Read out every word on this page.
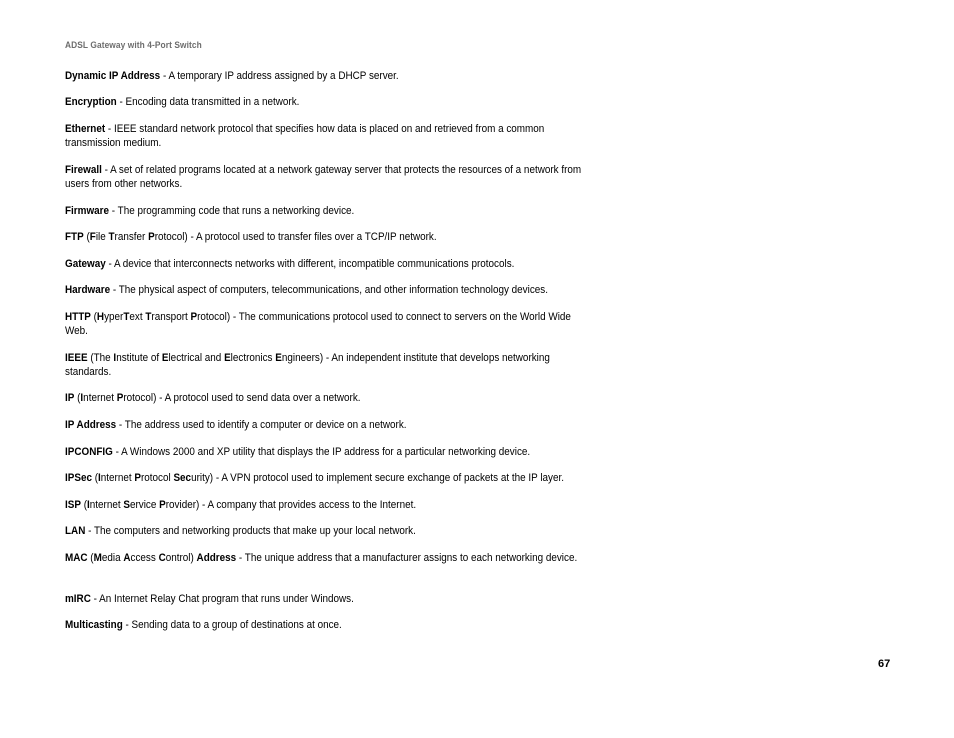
ADSL Gateway with 4-Port Switch

Dynamic IP Address - A temporary IP address assigned by a DHCP server.

Encryption - Encoding data transmitted in a network.

Ethernet - IEEE standard network protocol that specifies how data is placed on and retrieved from a common transmission medium.

Firewall - A set of related programs located at a network gateway server that protects the resources of a network from users from other networks.

Firmware - The programming code that runs a networking device.

FTP (File Transfer Protocol) - A protocol used to transfer files over a TCP/IP network.

Gateway - A device that interconnects networks with different, incompatible communications protocols.

Hardware - The physical aspect of computers, telecommunications, and other information technology devices.

HTTP (HyperText Transport Protocol) - The communications protocol used to connect to servers on the World Wide Web.

IEEE (The Institute of Electrical and Electronics Engineers) - An independent institute that develops networking standards.

IP (Internet Protocol) - A protocol used to send data over a network.

IP Address - The address used to identify a computer or device on a network.

IPCONFIG - A Windows 2000 and XP utility that displays the IP address for a particular networking device.

IPSec (Internet Protocol Security) - A VPN protocol used to implement secure exchange of packets at the IP layer.

ISP (Internet Service Provider) - A company that provides access to the Internet.

LAN - The computers and networking products that make up your local network.

MAC (Media Access Control) Address - The unique address that a manufacturer assigns to each networking device.

mIRC - An Internet Relay Chat program that runs under Windows.

Multicasting - Sending data to a group of destinations at once.

67
